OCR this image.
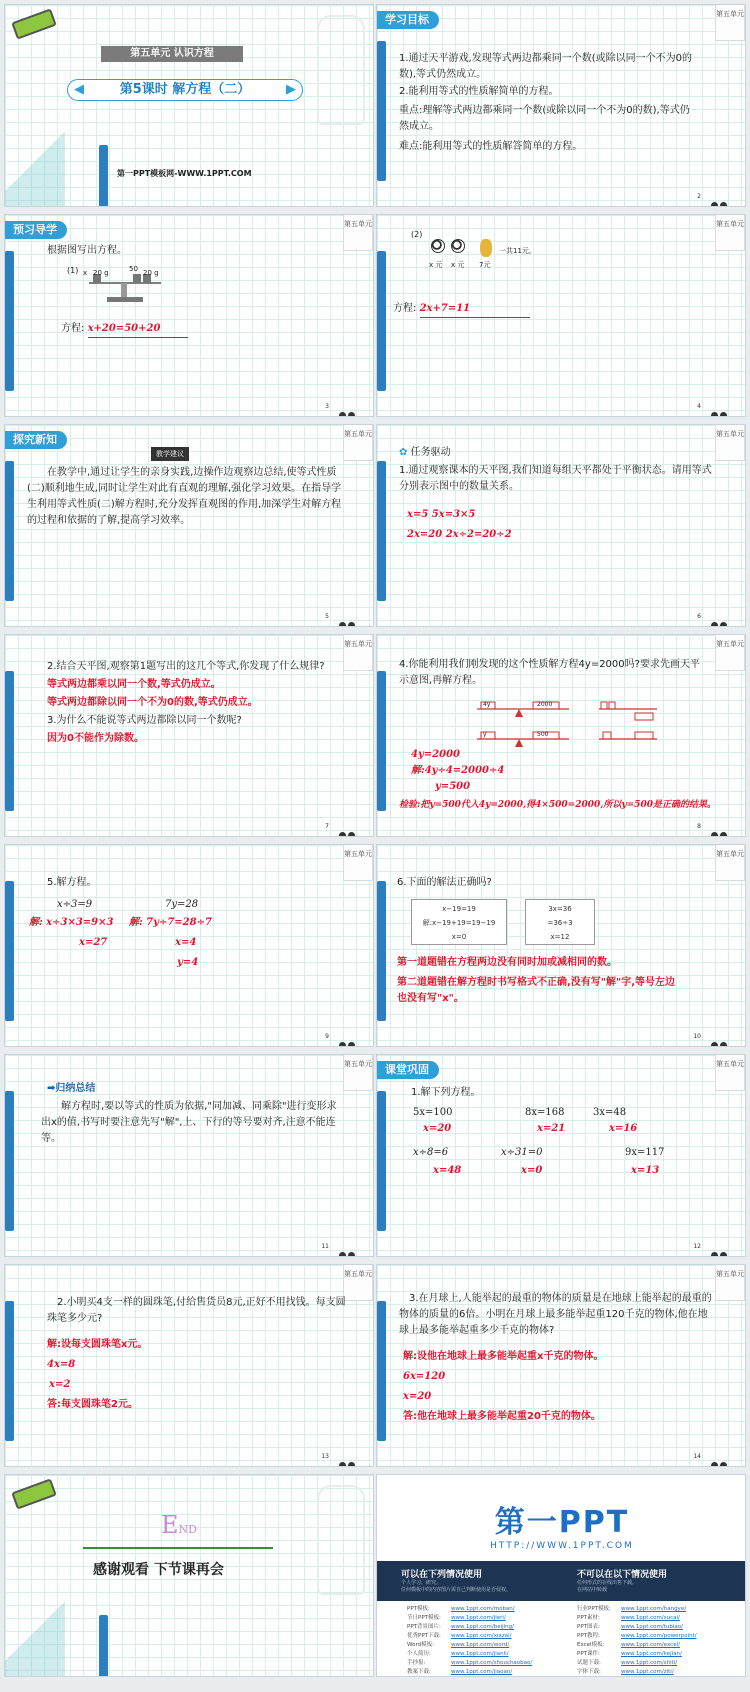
第五单元 认识方程
◀	第5课时 解方程（二）	▶
第一PPT模板网-WWW.1PPT.COM
学习目标	第五单元
1.通过天平游戏,发现等式两边都乘同一个数(或除以同一个不为0的数),等式仍然成立。
2.能利用等式的性质解简单的方程。
重点:理解等式两边都乘同一个数(或除以同一个不为0的数),等式仍然成立。
难点:能利用等式的性质解答简单的方程。
2
预习导学	第五单元
根据图写出方程。
(1) x 20 g	50 20 g
方程: x+20=50+20
3
第五单元
(2)
x 元 x 元 7元
一共11元。
方程: 2x+7=11
4
探究新知	第五单元
教学建议
在教学中,通过让学生的亲身实践,边操作边观察边总结,使等式性质(二)顺利地生成,同时让学生对此有直观的理解,强化学习效果。在指导学生利用等式性质(二)解方程时,充分发挥直观图的作用,加深学生对解方程的过程和依据的了解,提高学习效率。
5
第五单元
✿ 任务驱动
1.通过观察课本的天平图,我们知道每组天平都处于平衡状态。请用等式分别表示图中的数量关系。
x=5 5x=3×5
2x=20 2x÷2=20÷2
6
第五单元
2.结合天平图,观察第1题写出的这几个等式,你发现了什么规律?
等式两边都乘以同一个数,等式仍成立。
等式两边都除以同一个不为0的数,等式仍成立。
3.为什么不能说等式两边都除以同一个数呢?
因为0不能作为除数。
7
第五单元
4.你能利用我们刚发现的这个性质解方程4y=2000吗?要求先画天平示意图,再解方程。
4y	2000
y	500
4y=2000
解:4y÷4=2000÷4
y=500
检验:把y=500代入4y=2000,得4×500=2000,所以y=500是正确的结果。
8
第五单元
5.解方程。
x÷3=9	7y=28
解: x÷3×3=9×3 解: 7y÷7=28÷7
x=27	x=4
y=4
9
第五单元
6.下面的解法正确吗?
x−19=19
解:x−19+19=19−19
x=0
3x=36
=36÷3
x=12
第一道题错在方程两边没有同时加或减相同的数。
第二道题错在解方程时书写格式不正确,没有写"解"字,等号左边也没有写"x"。
10
第五单元
➡归纳总结
解方程时,要以等式的性质为依据,"同加减、同乘除"进行变形求出x的值,书写时要注意先写"解",上、下行的等号要对齐,注意不能连等。
11
课堂巩固	第五单元
1.解下列方程。
5x=100	8x=168	3x=48
x=20	x=21	x=16
x÷8=6	x÷31=0	9x=117
x=48	x=0	x=13
12
第五单元
2.小明买4支一样的圆珠笔,付给售货员8元,正好不用找钱。每支圆珠笔多少元?
解:设每支圆珠笔x元。
4x=8
x=2
答:每支圆珠笔2元。
13
第五单元
3.在月球上,人能举起的最重的物体的质量是在地球上能举起的最重的物体的质量的6倍。小明在月球上最多能举起重120千克的物体,他在地球上最多能举起重多少千克的物体?
解:设他在地球上最多能举起重x千克的物体。
6x=120
x=20
答:他在地球上最多能举起重20千克的物体。
14
END
感谢观看 下节课再会
第一PPT
HTTP://WWW.1PPT.COM
可以在下列情况使用	不可以在以下情况使用
个人学习、研究。
任何模板中的内容图片需自己判断使用是否侵权。
任何形式的在线出售下载。
在网站中转载
PPT模板:	www.1ppt.com/moban/
节日PPT模板: www.1ppt.com/jieri/
PPT背景图片: www.1ppt.com/beijing/
优秀PPT下载: www.1ppt.com/xiazai/
Word模板:	www.1ppt.com/word/
个人简历:	www.1ppt.com/jianli/
手抄报:	www.1ppt.com/shouchaobao/
教案下载:	www.1ppt.com/jiaoan/
行业PPT模板: www.1ppt.com/hangye/
PPT素材:	www.1ppt.com/sucai/
PPT图表:	www.1ppt.com/tubiao/
PPT教程:	www.1ppt.com/powerpoint/
Excel模板:	www.1ppt.com/excel/
PPT课件:	www.1ppt.com/kejian/
试题下载:	www.1ppt.com/shiti/
字体下载:	www.1ppt.com/ziti/
